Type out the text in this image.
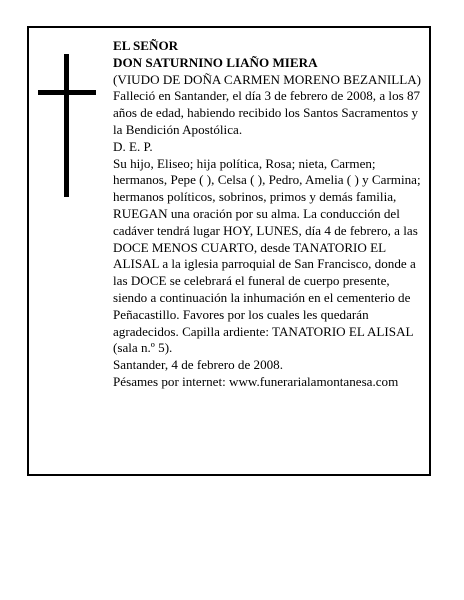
EL SEÑOR

DON SATURNINO LIAÑO MIERA

(VIUDO DE DOÑA CARMEN MORENO BEZANILLA)

Falleció en Santander, el día 3 de febrero de 2008, a los 87 años de edad, habiendo recibido los Santos Sacramentos y la Bendición Apostólica.

D. E. P.

Su hijo, Eliseo; hija política, Rosa; nieta, Carmen; hermanos, Pepe ( ), Celsa ( ), Pedro, Amelia ( ) y Carmina; hermanos políticos, sobrinos, primos y demás familia,

RUEGAN una oración por su alma. La conducción del cadáver tendrá lugar HOY, LUNES, día 4 de febrero, a las DOCE MENOS CUARTO, desde TANATORIO EL ALISAL a la iglesia parroquial de San Francisco, donde a las DOCE se celebrará el funeral de cuerpo presente, siendo a continuación la inhumación en el cementerio de Peñacastillo. Favores por los cuales les quedarán agradecidos. Capilla ardiente: TANATORIO EL ALISAL (sala n.º 5).

Santander, 4 de febrero de 2008.

Pésames por internet: www.funerarialamontanesa.com
